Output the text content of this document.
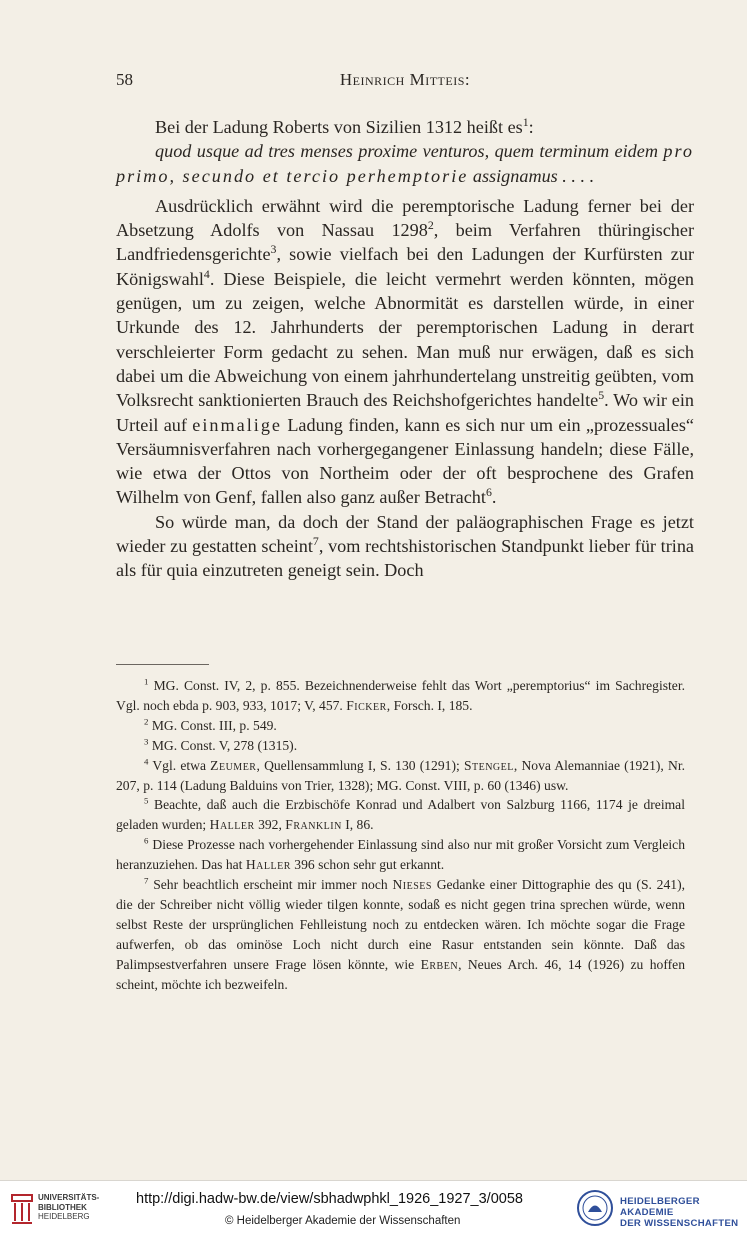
58	Heinrich Mitteis:

Bei der Ladung Roberts von Sizilien 1312 heißt $es^1$:

quod usque ad tres menses proxime venturos, quem terminum eidem pro primo, secundo et tercio perhemptorie assignamus . . . .

Ausdrücklich erwähnt wird die peremptorische Ladung ferner bei der Absetzung Adolfs von Nassau 1298$^2$, beim Verfahren thüringischer Landfriedensgerichte$^3$, sowie vielfach bei den Ladungen der Kurfürsten zur Königswahl$^4$. Diese Beispiele, die leicht vermehrt werden könnten, mögen genügen, um zu zeigen, welche Abnormität es darstellen würde, in einer Urkunde des 12. Jahrhunderts der peremptorischen Ladung in derart verschleierter Form gedacht zu sehen. Man muß nur erwägen, daß es sich dabei um die Abweichung von einem jahrhundertelang unstreitig geübten, vom Volksrecht sanktionierten Brauch des Reichshofgerichtes handelte$^5$. Wo wir ein Urteil auf einmalige Ladung finden, kann es sich nur um ein „prozessuales“ Versäumnisverfahren nach vorhergegangener Einlassung handeln; diese Fälle, wie etwa der Ottos von Northeim oder der oft besprochene des Grafen Wilhelm von Genf, fallen also ganz außer Betracht$^6$.

So würde man, da doch der Stand der paläographischen Frage es jetzt wieder zu gestatten scheint$^7$, vom rechtshistorischen Standpunkt lieber für trina als für quia einzutreten geneigt sein. Doch

$^1$ MG. Const. IV, 2, p. 855. Bezeichnenderweise fehlt das Wort „peremptorius“ im Sachregister. Vgl. noch ebda p. 903, 933, 1017; V, 457. Ficker, Forsch. I, 185.

$^2$ MG. Const. III, p. 549.

$^3$ MG. Const. V, 278 (1315).

$^4$ Vgl. etwa Zeumer, Quellensammlung I, S. 130 (1291); Stengel, Nova Alemanniae (1921), Nr. 207, p. 114 (Ladung Balduins von Trier, 1328); MG. Const. VIII, p. 60 (1346) usw.

$^5$ Beachte, daß auch die Erzbischöfe Konrad und Adalbert von Salzburg 1166, 1174 je dreimal geladen wurden; Haller 392, Franklin I, 86.

$^6$ Diese Prozesse nach vorhergehender Einlassung sind also nur mit großer Vorsicht zum Vergleich heranzuziehen. Das hat Haller 396 schon sehr gut erkannt.

$^7$ Sehr beachtlich erscheint mir immer noch Nieses Gedanke einer Dittographie des qu (S. 241), die der Schreiber nicht völlig wieder tilgen konnte, sodaß es nicht gegen trina sprechen würde, wenn selbst Reste der ursprünglichen Fehlleistung noch zu entdecken wären. Ich möchte sogar die Frage aufwerfen, ob das ominöse Loch nicht durch eine Rasur entstanden sein könnte. Daß das Palimpsestverfahren unsere Frage lösen könnte, wie Erben, Neues Arch. 46, 14 (1926) zu hoffen scheint, möchte ich bezweifeln.

UNIVERSITÄTS-
BIBLIOTHEK
HEIDELBERG
http://digi.hadw-bw.de/view/sbhadwphkl_1926_1927_3/0058
© Heidelberger Akademie der Wissenschaften
HEIDELBERGER AKADEMIE
DER WISSENSCHAFTEN
